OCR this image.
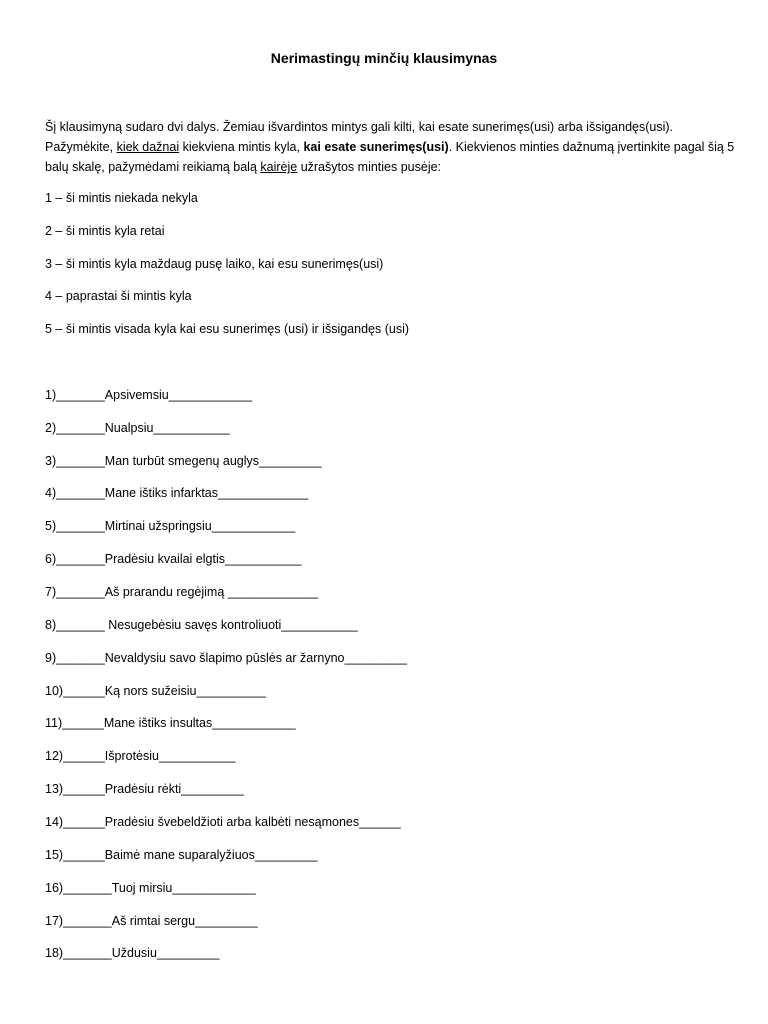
Nerimastingų minčių klausimynas
Šį klausimyną sudaro dvi dalys. Žemiau išvardintos mintys gali kilti, kai esate sunerimęs(usi) arba išsigandęs(usi).
Pažymėkite, kiek dažnai kiekviena mintis kyla, kai esate sunerimęs(usi). Kiekvienos minties dažnumą įvertinkite pagal šią 5 balų skalę, pažymėdami reikiamą balą kairėje užrašytos minties pusėje:
1 – ši mintis niekada nekyla
2 – ši mintis kyla retai
3 – ši mintis kyla maždaug pusę laiko, kai esu sunerimęs(usi)
4 – paprastai ši mintis kyla
5 – ši mintis visada kyla kai esu sunerimęs (usi) ir išsigandęs (usi)
1)_______Apsivemsiu____________
2)_______Nualpsiu___________
3)_______Man turbūt smegenų auglys_________
4)_______Mane ištiks infarktas_____________
5)_______Mirtinai užspringsiu____________
6)_______Pradėsiu kvailai elgtis___________
7)_______Aš prarandu regėjimą _____________
8)_______ Nesugebėsiu savęs kontroliuoti___________
9)_______Nevaldysiu savo šlapimo pūslės ar žarnyno_________
10)______Ką nors sužeisiu__________
11)______Mane ištiks insultas____________
12)______Išprotėsiu___________
13)______Pradėsiu rėkti_________
14)______Pradėsiu švebeldžioti arba kalbėti nesąmones______
15)______Baimė mane suparalyžiuos_________
16)_______Tuoj mirsiu____________
17)_______Aš rimtai sergu_________
18)_______Uždusiu_________
